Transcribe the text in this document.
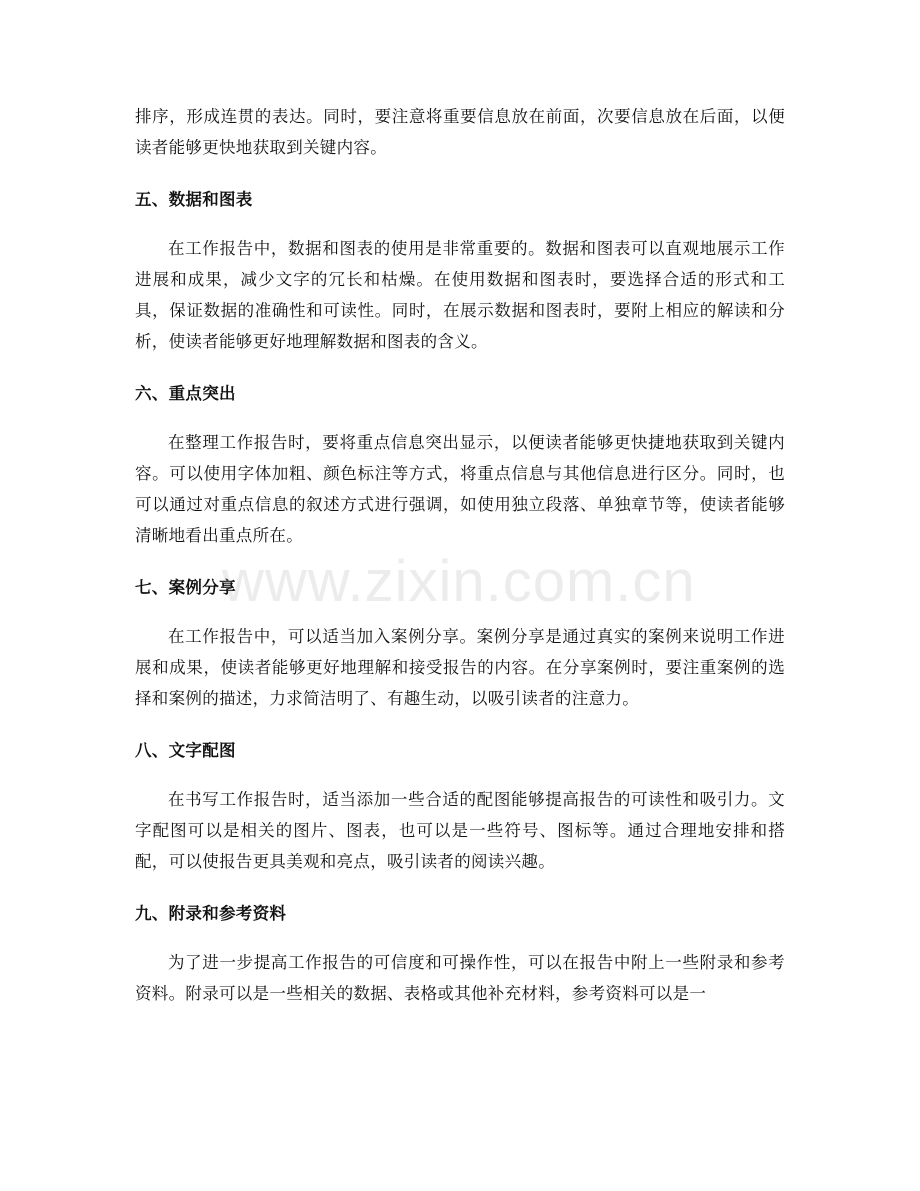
排序，形成连贯的表达。同时，要注意将重要信息放在前面，次要信息放在后面，以便读者能够更快地获取到关键内容。

五、数据和图表

在工作报告中，数据和图表的使用是非常重要的。数据和图表可以直观地展示工作进展和成果，减少文字的冗长和枯燥。在使用数据和图表时，要选择合适的形式和工具，保证数据的准确性和可读性。同时，在展示数据和图表时，要附上相应的解读和分析，使读者能够更好地理解数据和图表的含义。

六、重点突出

在整理工作报告时，要将重点信息突出显示，以便读者能够更快捷地获取到关键内容。可以使用字体加粗、颜色标注等方式，将重点信息与其他信息进行区分。同时，也可以通过对重点信息的叙述方式进行强调，如使用独立段落、单独章节等，使读者能够清晰地看出重点所在。

七、案例分享

在工作报告中，可以适当加入案例分享。案例分享是通过真实的案例来说明工作进展和成果，使读者能够更好地理解和接受报告的内容。在分享案例时，要注重案例的选择和案例的描述，力求简洁明了、有趣生动，以吸引读者的注意力。

八、文字配图

在书写工作报告时，适当添加一些合适的配图能够提高报告的可读性和吸引力。文字配图可以是相关的图片、图表，也可以是一些符号、图标等。通过合理地安排和搭配，可以使报告更具美观和亮点，吸引读者的阅读兴趣。

九、附录和参考资料

为了进一步提高工作报告的可信度和可操作性，可以在报告中附上一些附录和参考资料。附录可以是一些相关的数据、表格或其他补充材料，参考资料可以是一

www.zixin.com.cn
